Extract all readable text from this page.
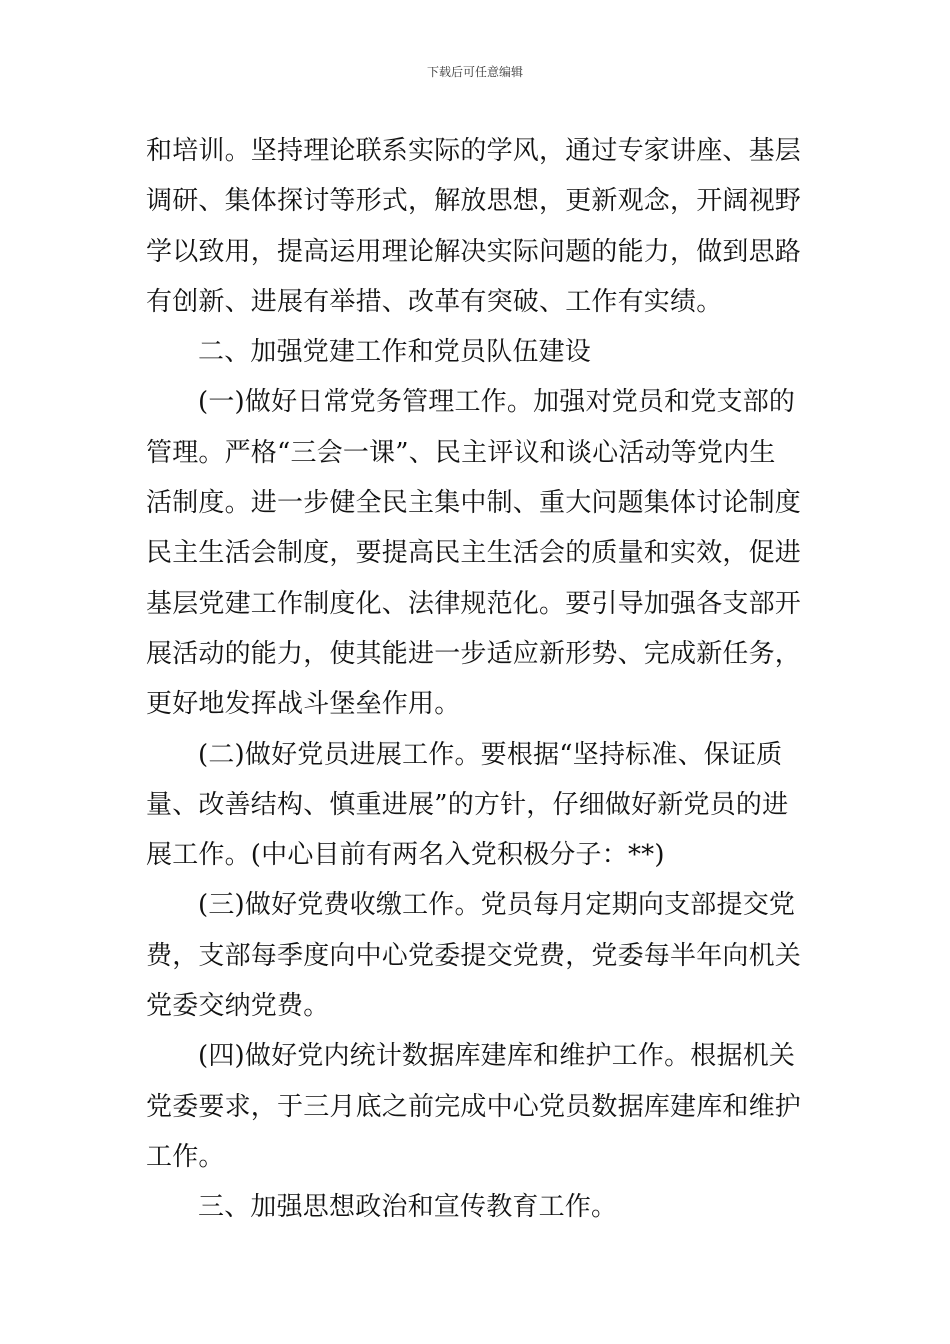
下载后可任意编辑
和培训。坚持理论联系实际的学风，通过专家讲座、基层
调研、集体探讨等形式，解放思想，更新观念，开阔视野
学以致用，提高运用理论解决实际问题的能力，做到思路
有创新、进展有举措、改革有突破、工作有实绩。
二、加强党建工作和党员队伍建设
(一)做好日常党务管理工作。加强对党员和党支部的
管理。严格“三会一课”、民主评议和谈心活动等党内生
活制度。进一步健全民主集中制、重大问题集体讨论制度
民主生活会制度，要提高民主生活会的质量和实效，促进
基层党建工作制度化、法律规范化。要引导加强各支部开
展活动的能力，使其能进一步适应新形势、完成新任务，
更好地发挥战斗堡垒作用。
(二)做好党员进展工作。要根据“坚持标准、保证质
量、改善结构、慎重进展”的方针，仔细做好新党员的进
展工作。(中心目前有两名入党积极分子：**)
(三)做好党费收缴工作。党员每月定期向支部提交党
费，支部每季度向中心党委提交党费，党委每半年向机关
党委交纳党费。
(四)做好党内统计数据库建库和维护工作。根据机关
党委要求，于三月底之前完成中心党员数据库建库和维护
工作。
三、加强思想政治和宣传教育工作。
